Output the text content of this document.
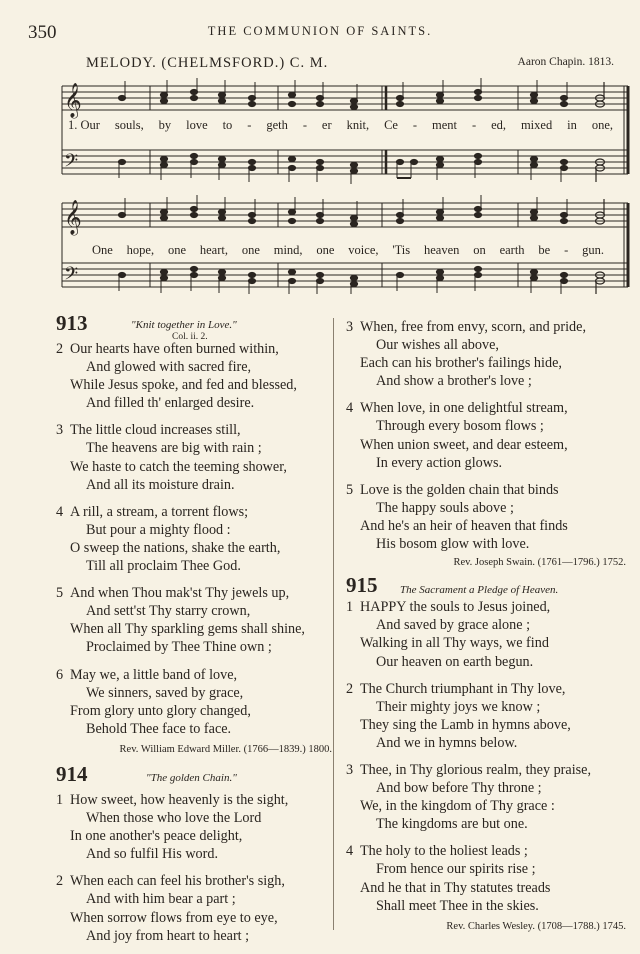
350	THE COMMUNION OF SAINTS.
MELODY. (CHELMSFORD.) C. M.	Aaron Chapin. 1813.
𝄞
𝄢
1. Our souls, by love to - geth - er knit, Ce - ment - ed, mixed in one,
𝄞
𝄢
One hope, one heart, one mind, one voice, 'Tis heaven on earth be - gun.
913	"Knit together in Love."
Col. ii. 2.
2 Our hearts have often burned within,
And glowed with sacred fire,
While Jesus spoke, and fed and blessed,
And filled th' enlarged desire.
3 The little cloud increases still,
The heavens are big with rain ;
We haste to catch the teeming shower,
And all its moisture drain.
4 A rill, a stream, a torrent flows;
But pour a mighty flood :
O sweep the nations, shake the earth,
Till all proclaim Thee God.
5 And when Thou mak'st Thy jewels up,
And sett'st Thy starry crown,
When all Thy sparkling gems shall shine,
Proclaimed by Thee Thine own ;
6 May we, a little band of love,
We sinners, saved by grace,
From glory unto glory changed,
Behold Thee face to face.
Rev. William Edward Miller. (1766—1839.) 1800.
914	"The golden Chain."
1 How sweet, how heavenly is the sight,
When those who love the Lord
In one another's peace delight,
And so fulfil His word.
2 When each can feel his brother's sigh,
And with him bear a part ;
When sorrow flows from eye to eye,
And joy from heart to heart ;
3 When, free from envy, scorn, and pride,
Our wishes all above,
Each can his brother's failings hide,
And show a brother's love ;
4 When love, in one delightful stream,
Through every bosom flows ;
When union sweet, and dear esteem,
In every action glows.
5 Love is the golden chain that binds
The happy souls above ;
And he's an heir of heaven that finds
His bosom glow with love.
Rev. Joseph Swain. (1761—1796.) 1752.
915 The Sacrament a Pledge of Heaven.
1 HAPPY the souls to Jesus joined,
And saved by grace alone ;
Walking in all Thy ways, we find
Our heaven on earth begun.
2 The Church triumphant in Thy love,
Their mighty joys we know ;
They sing the Lamb in hymns above,
And we in hymns below.
3 Thee, in Thy glorious realm, they praise,
And bow before Thy throne ;
We, in the kingdom of Thy grace :
The kingdoms are but one.
4 The holy to the holiest leads ;
From hence our spirits rise ;
And he that in Thy statutes treads
Shall meet Thee in the skies.
Rev. Charles Wesley. (1708—1788.) 1745.
